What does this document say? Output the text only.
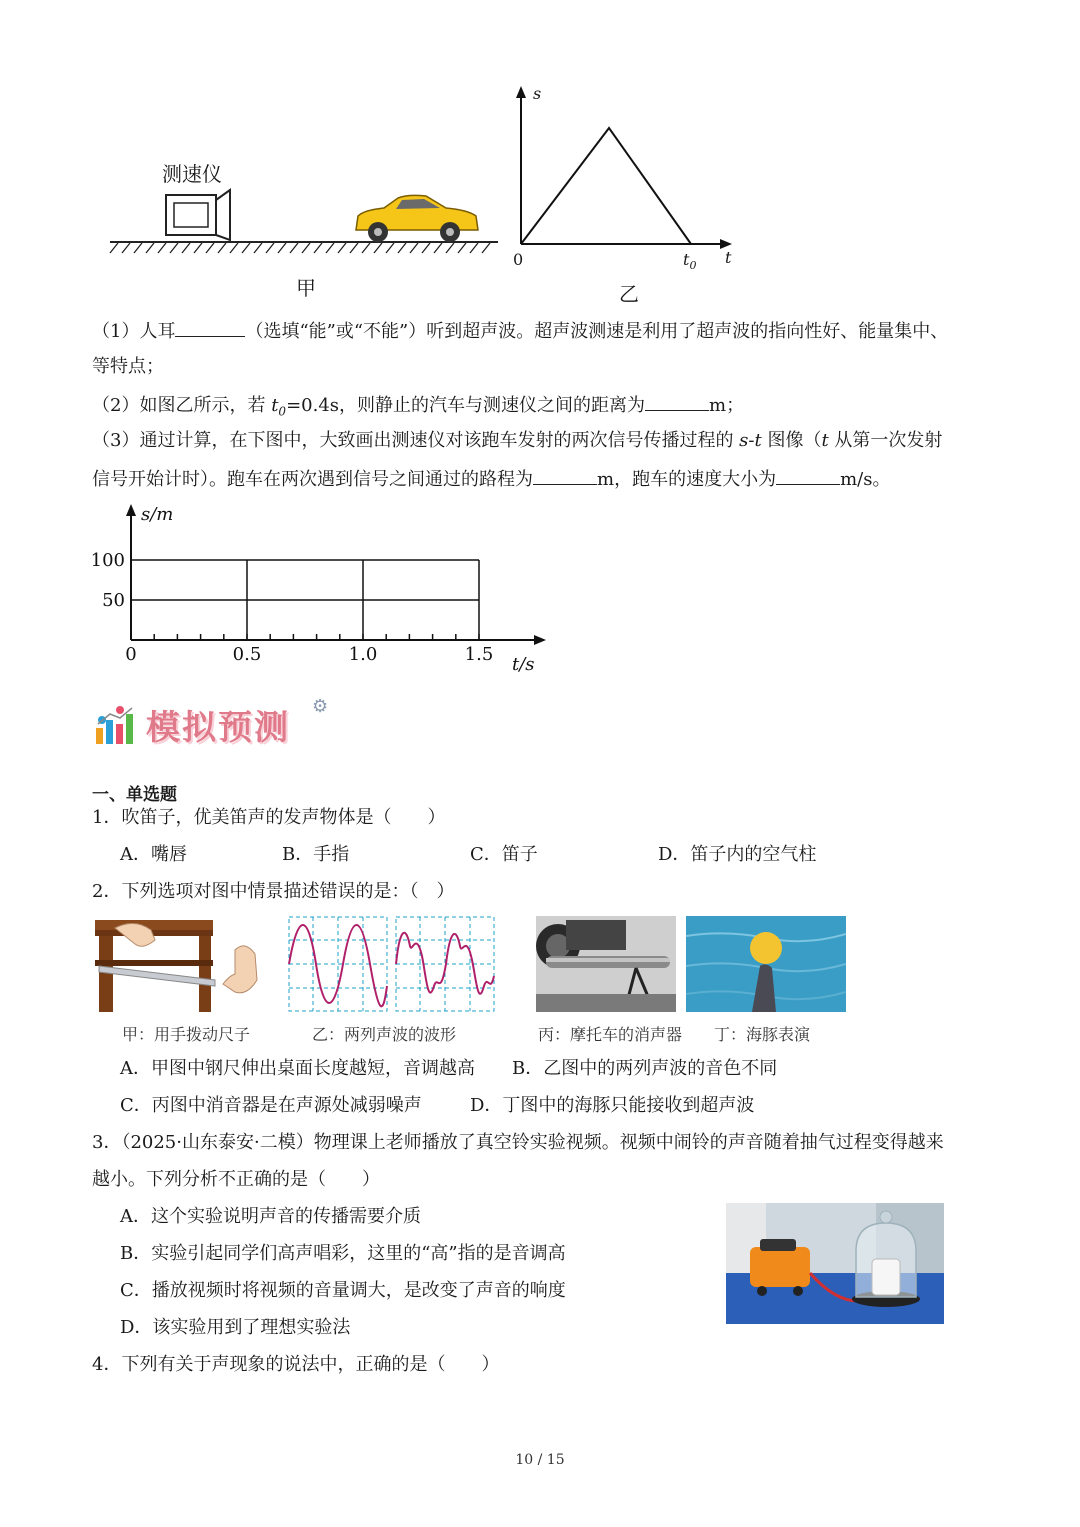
测速仪
甲
s
0	$t_0$ t
乙
（1）人耳	（选填“能”或“不能”）听到超声波。超声波测速是利用了超声波的指向性好、能量集中、
等特点；
（2）如图乙所示，若 $t_0=0.4s$，则静止的汽车与测速仪之间的距离为	m；
（3）通过计算，在下图中，大致画出测速仪对该跑车发射的两次信号传播过程的 s-t 图像（t 从第一次发射
信号开始计时）。跑车在两次遇到信号之间通过的路程为	m，跑车的速度大小为	m/s。
0	0.5	1.0	1.5
50
100
s/m
t/s
模拟预测
⚙
一、单选题
1．吹笛子，优美笛声的发声物体是（　　）
A．嘴唇	B．手指	C．笛子	D．笛子内的空气柱
2．下列选项对图中情景描述错误的是：（　）
甲：用手拨动尺子	乙：两列声波的波形	丙：摩托车的消声器 丁：海豚表演
A．甲图中钢尺伸出桌面长度越短，音调越高 B．乙图中的两列声波的音色不同
C．丙图中消音器是在声源处减弱噪声	D．丁图中的海豚只能接收到超声波
3．（2025·山东泰安·二模）物理课上老师播放了真空铃实验视频。视频中闹铃的声音随着抽气过程变得越来
越小。下列分析不正确的是（　　）
A．这个实验说明声音的传播需要介质
B．实验引起同学们高声唱彩，这里的“高”指的是音调高
C．播放视频时将视频的音量调大，是改变了声音的响度
D．该实验用到了理想实验法
4．下列有关于声现象的说法中，正确的是（　　）
10 / 15
